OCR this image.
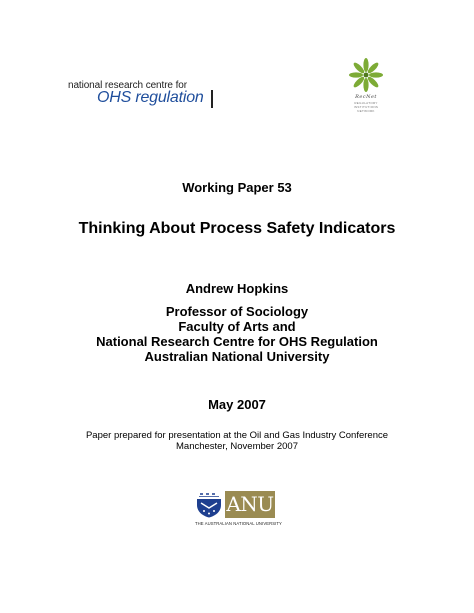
national research centre for
OHS regulation	RecNet
REGULATORY
INSTITUTIONS
NETWORK
Working Paper 53
Thinking About Process Safety Indicators
Andrew Hopkins
Professor of Sociology
Faculty of Arts and
National Research Centre for OHS Regulation
Australian National University
May 2007
Paper prepared for presentation at the Oil and Gas Industry Conference
Manchester, November 2007
ANU
THE AUSTRALIAN NATIONAL UNIVERSITY
